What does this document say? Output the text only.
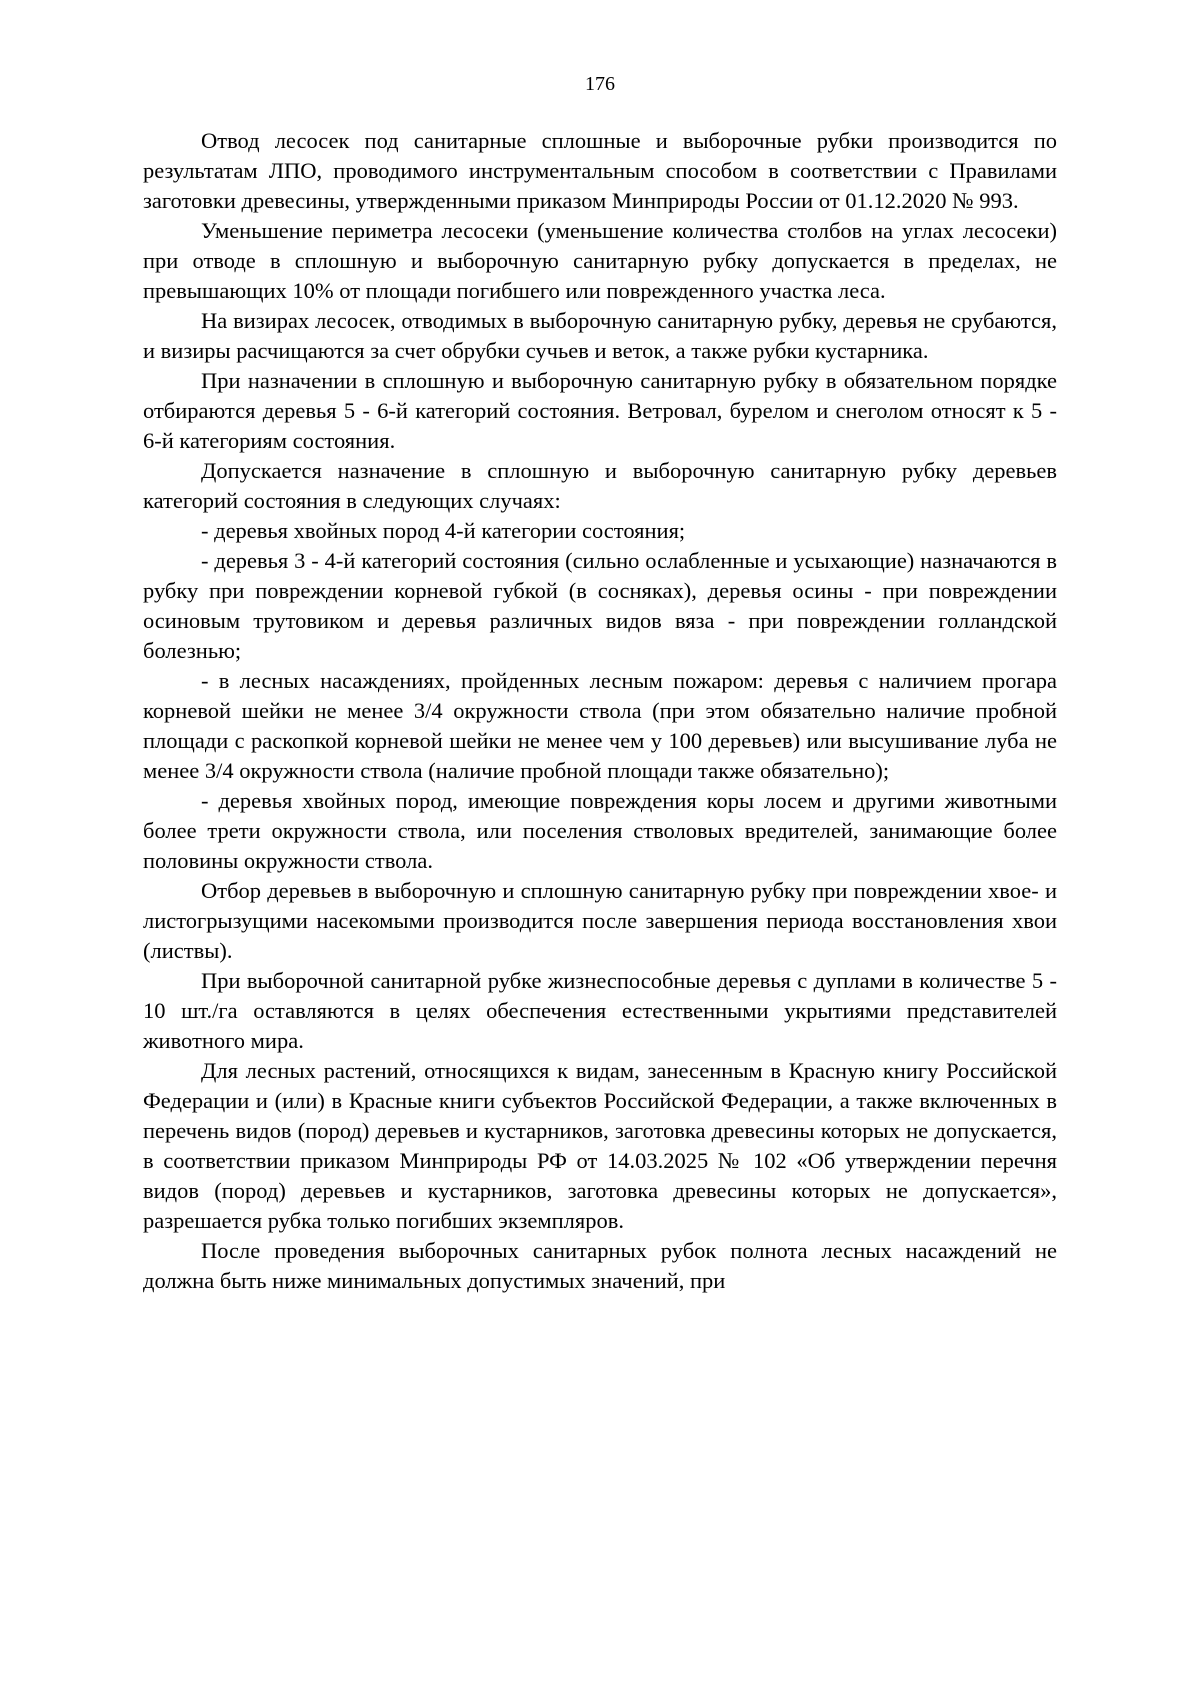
176

Отвод лесосек под санитарные сплошные и выборочные рубки производится по результатам ЛПО, проводимого инструментальным способом в соответствии с Правилами заготовки древесины, утвержденными приказом Минприроды России от 01.12.2020 № 993.

Уменьшение периметра лесосеки (уменьшение количества столбов на углах лесосеки) при отводе в сплошную и выборочную санитарную рубку допускается в пределах, не превышающих 10% от площади погибшего или поврежденного участка леса.

На визирах лесосек, отводимых в выборочную санитарную рубку, деревья не срубаются, и визиры расчищаются за счет обрубки сучьев и веток, а также рубки кустарника.

При назначении в сплошную и выборочную санитарную рубку в обязательном порядке отбираются деревья 5 - 6-й категорий состояния. Ветровал, бурелом и снеголом относят к 5 - 6-й категориям состояния.

Допускается назначение в сплошную и выборочную санитарную рубку деревьев категорий состояния в следующих случаях:

- деревья хвойных пород 4-й категории состояния;

- деревья 3 - 4-й категорий состояния (сильно ослабленные и усыхающие) назначаются в рубку при повреждении корневой губкой (в сосняках), деревья осины - при повреждении осиновым трутовиком и деревья различных видов вяза - при повреждении голландской болезнью;

- в лесных насаждениях, пройденных лесным пожаром: деревья с наличием прогара корневой шейки не менее 3/4 окружности ствола (при этом обязательно наличие пробной площади с раскопкой корневой шейки не менее чем у 100 деревьев) или высушивание луба не менее 3/4 окружности ствола (наличие пробной площади также обязательно);

- деревья хвойных пород, имеющие повреждения коры лосем и другими животными более трети окружности ствола, или поселения стволовых вредителей, занимающие более половины окружности ствола.

Отбор деревьев в выборочную и сплошную санитарную рубку при повреждении хвое- и листогрызущими насекомыми производится после завершения периода восстановления хвои (листвы).

При выборочной санитарной рубке жизнеспособные деревья с дуплами в количестве 5 - 10 шт./га оставляются в целях обеспечения естественными укрытиями представителей животного мира.

Для лесных растений, относящихся к видам, занесенным в Красную книгу Российской Федерации и (или) в Красные книги субъектов Российской Федерации, а также включенных в перечень видов (пород) деревьев и кустарников, заготовка древесины которых не допускается, в соответствии приказом Минприроды РФ от 14.03.2025 № 102 «Об утверждении перечня видов (пород) деревьев и кустарников, заготовка древесины которых не допускается», разрешается рубка только погибших экземпляров.

После проведения выборочных санитарных рубок полнота лесных насаждений не должна быть ниже минимальных допустимых значений, при
